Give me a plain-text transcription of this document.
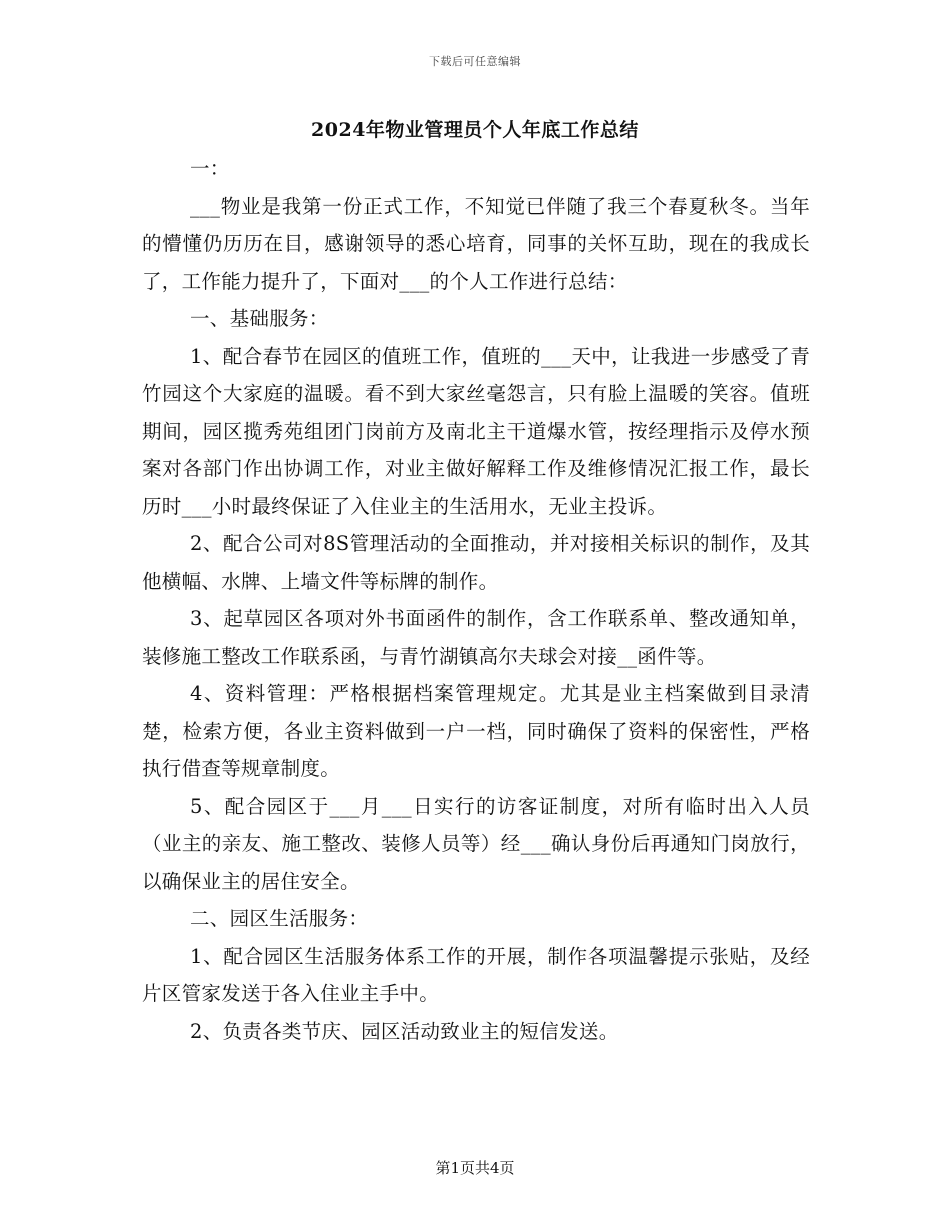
下载后可任意编辑
2024年物业管理员个人年底工作总结

一：

___物业是我第一份正式工作，不知觉已伴随了我三个春夏秋冬。当年的懵懂仍历历在目，感谢领导的悉心培育，同事的关怀互助，现在的我成长了，工作能力提升了，下面对___的个人工作进行总结：

一、基础服务：

1、配合春节在园区的值班工作，值班的___天中，让我进一步感受了青竹园这个大家庭的温暖。看不到大家丝毫怨言，只有脸上温暖的笑容。值班期间，园区揽秀苑组团门岗前方及南北主干道爆水管，按经理指示及停水预案对各部门作出协调工作，对业主做好解释工作及维修情况汇报工作，最长历时___小时最终保证了入住业主的生活用水，无业主投诉。

2、配合公司对8S管理活动的全面推动，并对接相关标识的制作，及其他横幅、水牌、上墙文件等标牌的制作。

3、起草园区各项对外书面函件的制作，含工作联系单、整改通知单，装修施工整改工作联系函，与青竹湖镇高尔夫球会对接__函件等。

4、资料管理：严格根据档案管理规定。尤其是业主档案做到目录清楚，检索方便，各业主资料做到一户一档，同时确保了资料的保密性，严格执行借查等规章制度。

5、配合园区于___月___日实行的访客证制度，对所有临时出入人员（业主的亲友、施工整改、装修人员等）经___确认身份后再通知门岗放行，以确保业主的居住安全。

二、园区生活服务：

1、配合园区生活服务体系工作的开展，制作各项温馨提示张贴，及经片区管家发送于各入住业主手中。

2、负责各类节庆、园区活动致业主的短信发送。

第1页共4页
